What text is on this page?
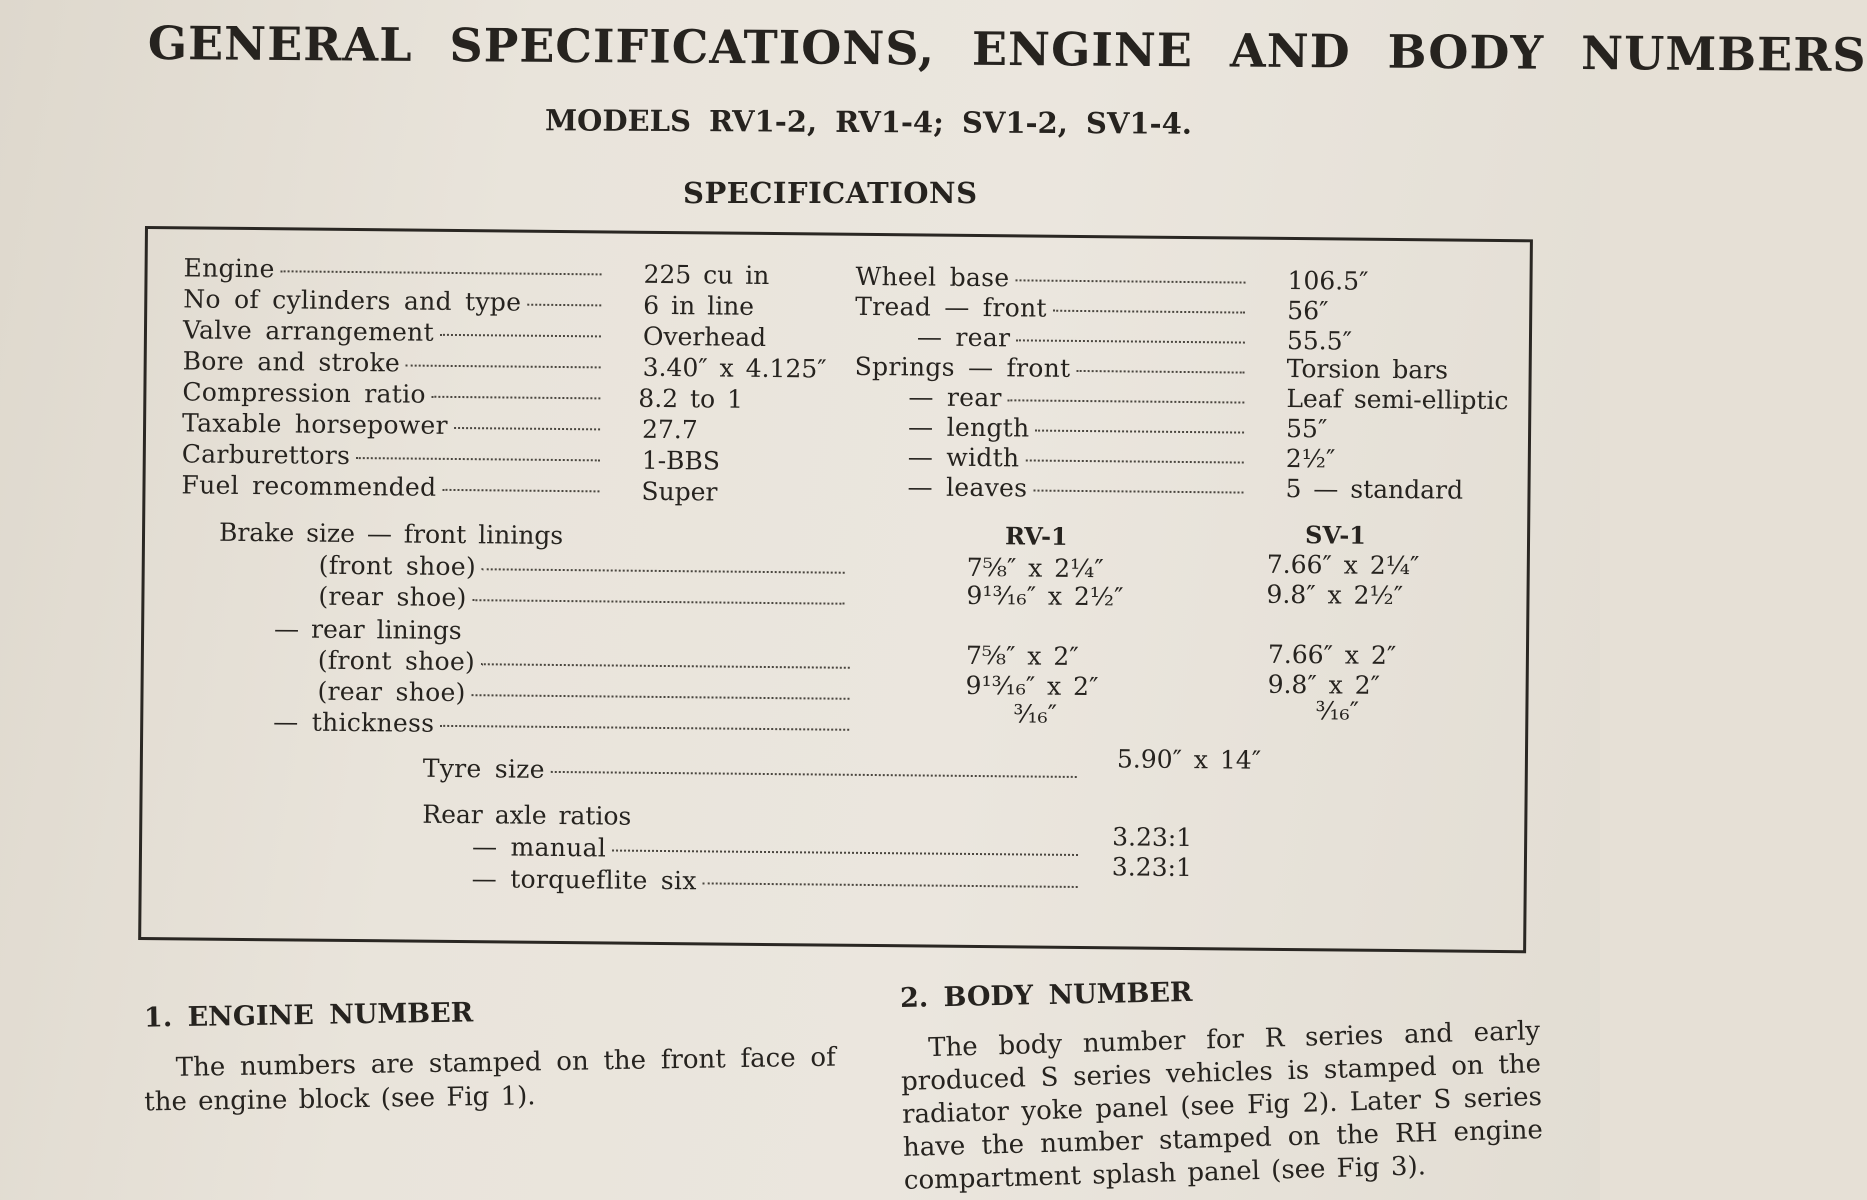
GENERAL SPECIFICATIONS, ENGINE AND BODY NUMBERS
MODELS RV1-2, RV1-4; SV1-2, SV1-4.
SPECIFICATIONS
Engine	225 cu in
No of cylinders and type	6 in line
Valve arrangement	Overhead
Bore and stroke	3.40″ x 4.125″
Compression ratio	8.2 to 1
Taxable horsepower	27.7
Carburettors	1-BBS
Fuel recommended	Super
Wheel base	106.5″
Tread — front	56″
— rear	55.5″
Springs — front	Torsion bars
— rear	Leaf semi-elliptic
— length	55″
— width	2½″
— leaves	5 — standard
Brake size — front linings	RV-1	SV-1
(front shoe)	7⅝″ x 2¼″	7.66″ x 2¼″
(rear shoe)	9¹³⁄₁₆″ x 2½″	9.8″ x 2½″
— rear linings
(front shoe)	7⅝″ x 2″	7.66″ x 2″
(rear shoe)	9¹³⁄₁₆″ x 2″	9.8″ x 2″
— thickness	³⁄₁₆″	³⁄₁₆″
Tyre size	5.90″ x 14″
Rear axle ratios
— manual	3.23:1
— torqueflite six	3.23:1
1. ENGINE NUMBER
The numbers are stamped on the front face of the engine block (see Fig 1).
2. BODY NUMBER
The body number for R series and early produced S series vehicles is stamped on the radiator yoke panel (see Fig 2). Later S series have the number stamped on the RH engine compartment splash panel (see Fig 3).
